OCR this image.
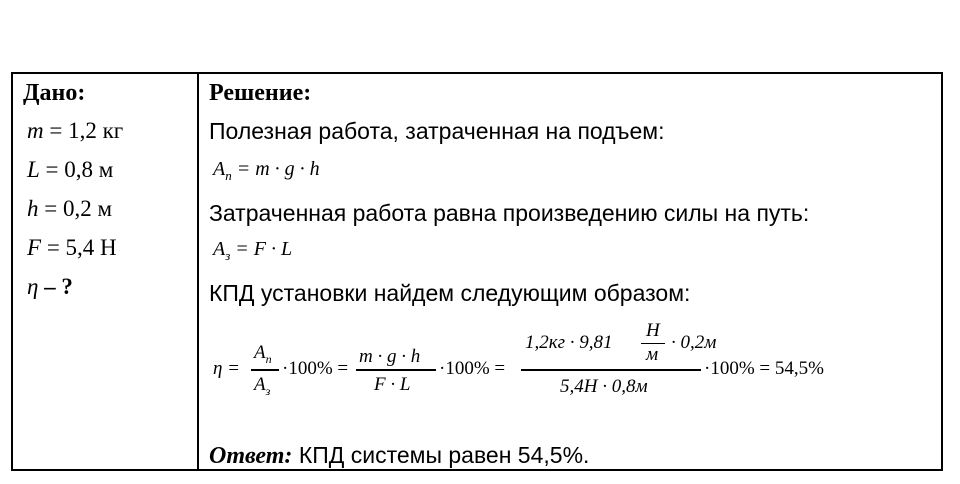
Дано:
m = 1,2 кг
L = 0,8 м
h = 0,2 м
F = 5,4 Н
η – ?
Решение:
Полезная работа, затраченная на подъем:
$A_п = m \cdot g \cdot h$
Затраченная работа равна произведению силы на путь:
$A_з = F \cdot L$
КПД установки найдем следующим образом:
η =
$A_п$
$A_з$
·100% =
m · g · h
F · L
·100% =
1,2кг · 9,81
Н
м
· 0,2м
5,4Н · 0,8м
·100% = 54,5%
Ответ: КПД системы равен 54,5%.
